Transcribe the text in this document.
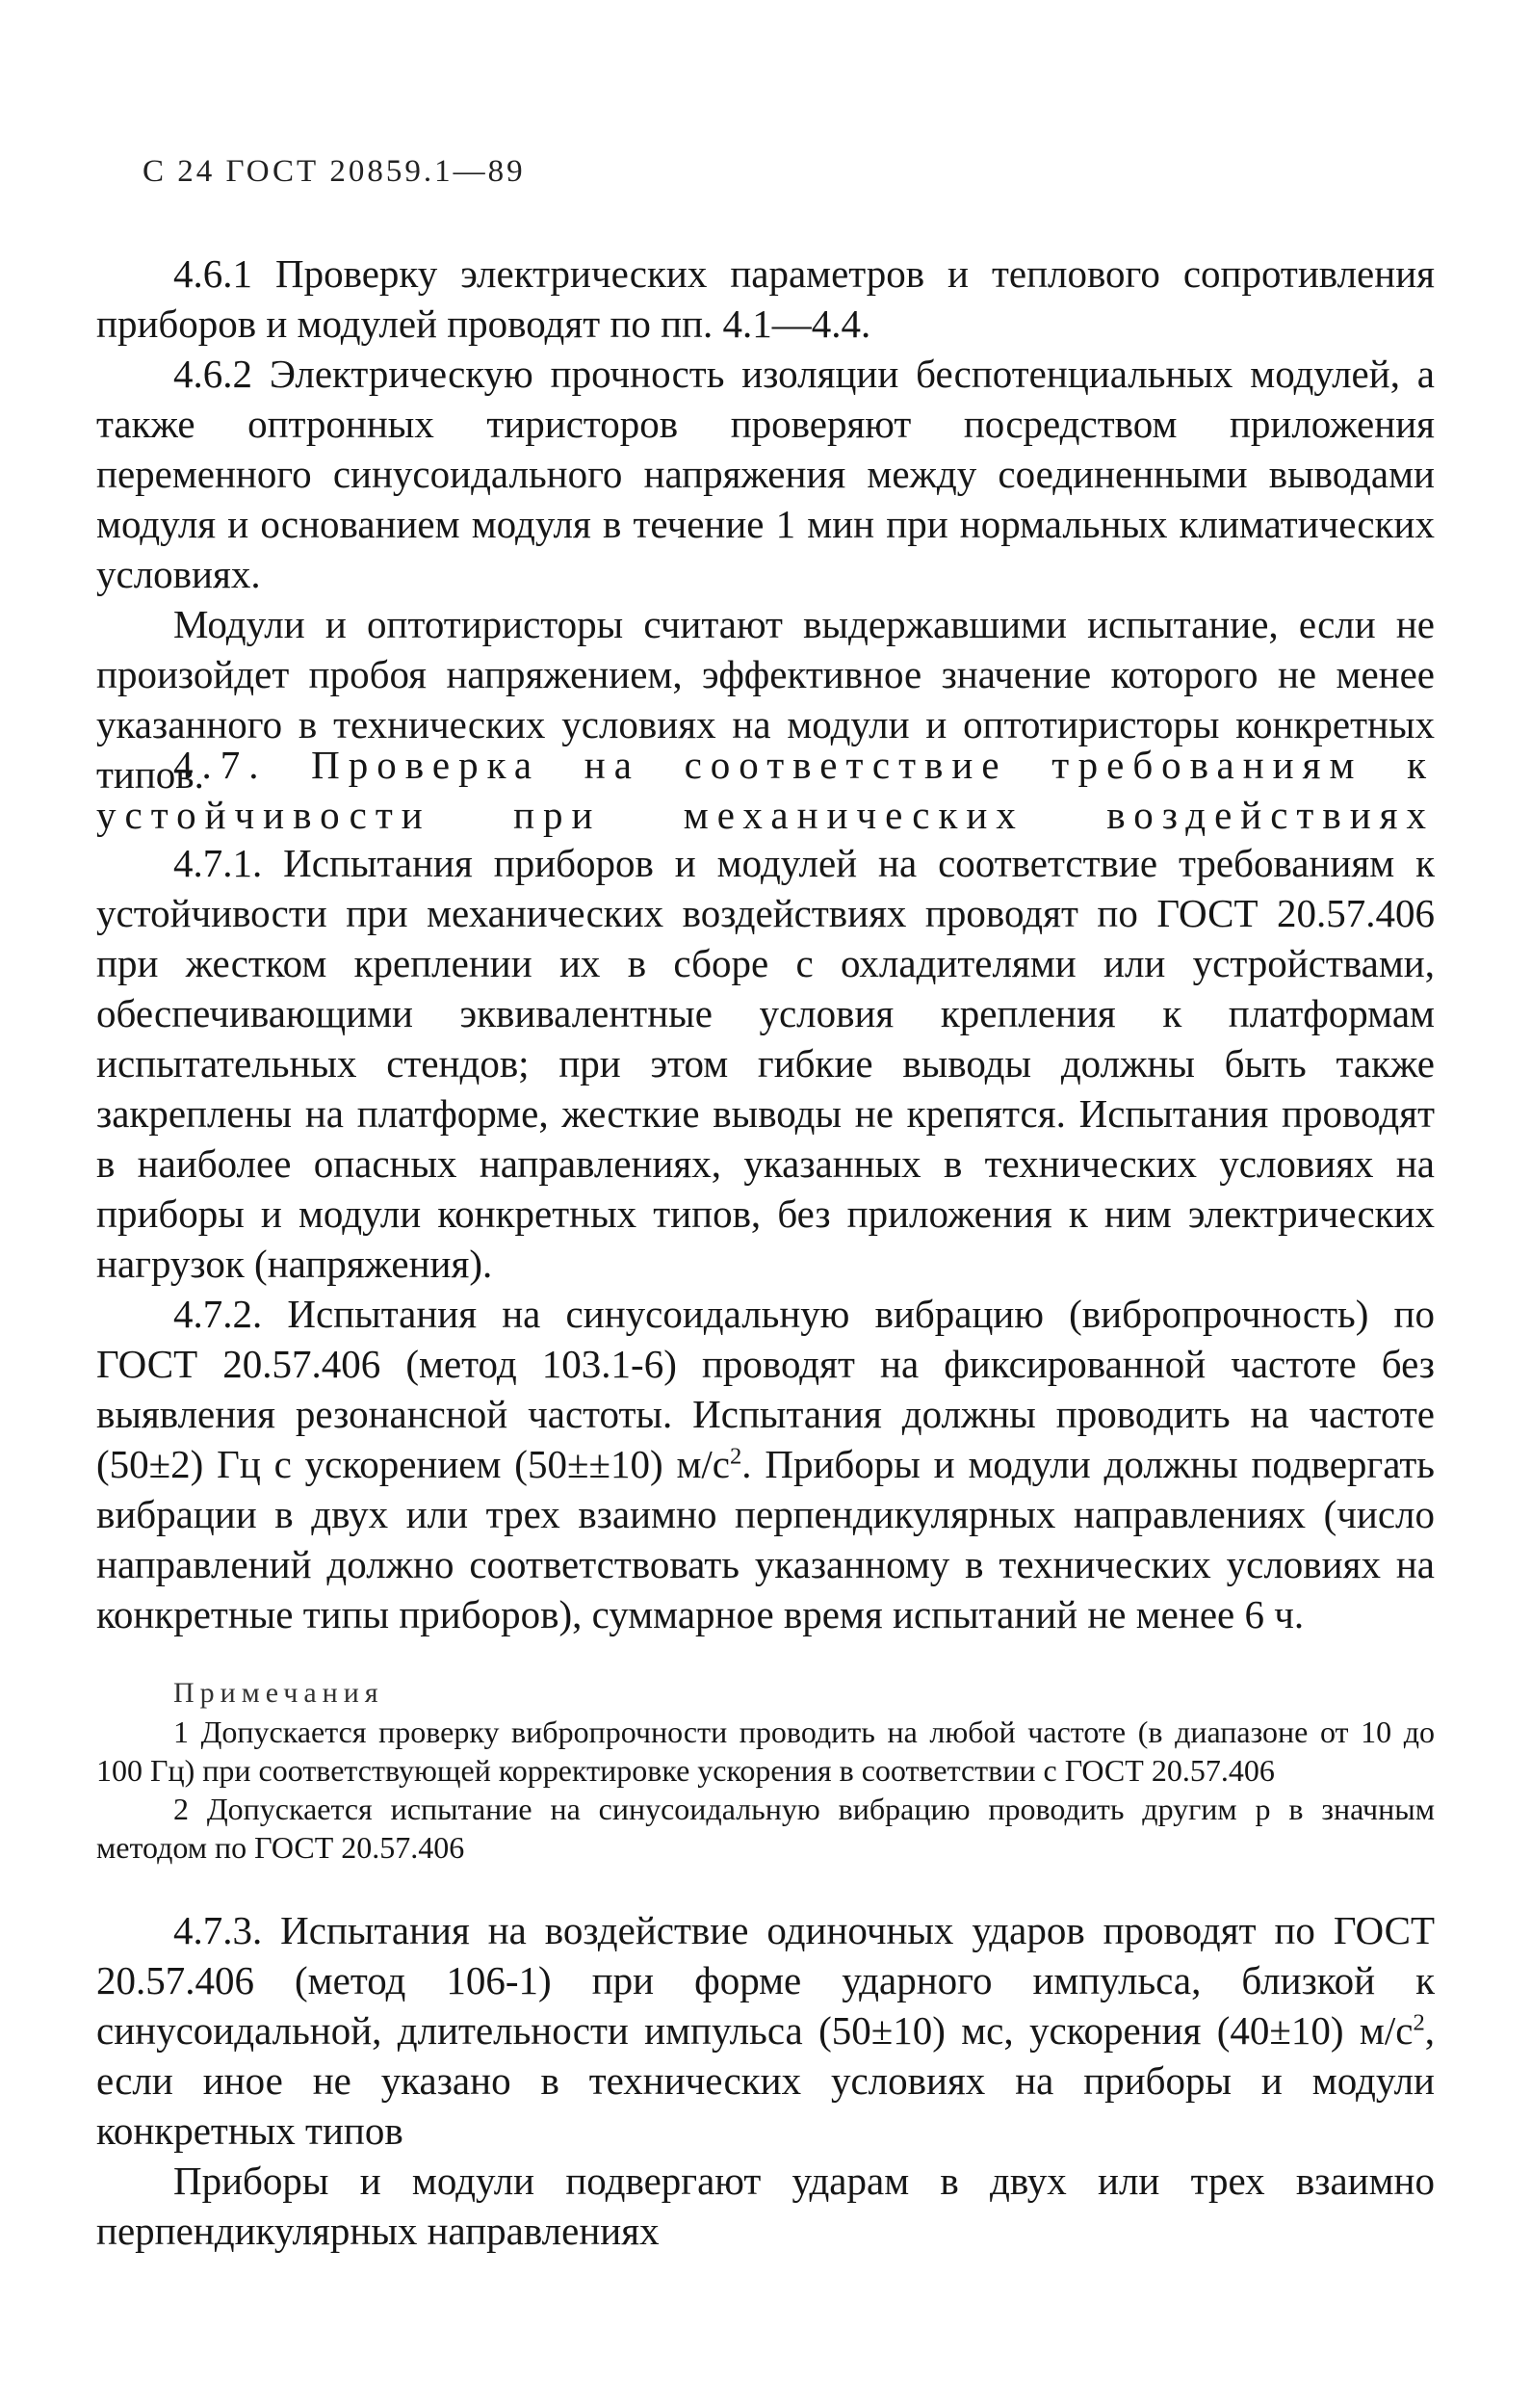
С 24 ГОСТ 20859.1—89

4.6.1 Проверку электрических параметров и теплового сопротивления приборов и модулей проводят по пп. 4.1—4.4.

4.6.2 Электрическую прочность изоляции беспотенциальных модулей, а также оптронных тиристоров проверяют посредством приложения переменного синусоидального напряжения между соединенными выводами модуля и основанием модуля в течение 1 мин при нормальных климатических условиях.

Модули и оптотиристоры считают выдержавшими испытание, если не произойдет пробоя напряжением, эффективное значение которого не менее указанного в технических условиях на модули и оптотиристоры конкретных типов.

4.7. Проверка на соответствие требованиям к
устойчивости при механических воздействиях

4.7.1. Испытания приборов и модулей на соответствие требованиям к устойчивости при механических воздействиях проводят по ГОСТ 20.57.406 при жестком креплении их в сборе с охладителями или устройствами, обеспечивающими эквивалентные условия крепления к платформам испытательных стендов; при этом гибкие выводы должны быть также закреплены на платформе, жесткие выводы не крепятся. Испытания проводят в наиболее опасных направлениях, указанных в технических условиях на приборы и модули конкретных типов, без приложения к ним электрических нагрузок (напряжения).

4.7.2. Испытания на синусоидальную вибрацию (вибропрочность) по ГОСТ 20.57.406 (метод 103.1-6) проводят на фиксированной частоте без выявления резонансной частоты. Испытания должны проводить на частоте (50±2) Гц с ускорением (50±±10) $м/с^2$. Приборы и модули должны подвергать вибрации в двух или трех взаимно перпендикулярных направлениях (число направлений должно соответствовать указанному в технических условиях на конкретные типы приборов), суммарное время испытаний не менее 6 ч.

Примечания

1 Допускается проверку вибропрочности проводить на любой частоте (в диапазоне от 10 до 100 Гц) при соответствующей корректировке ускорения в соответствии с ГОСТ 20.57.406

2 Допускается испытание на синусоидальную вибрацию проводить другим р в значным методом по ГОСТ 20.57.406

4.7.3. Испытания на воздействие одиночных ударов проводят по ГОСТ 20.57.406 (метод 106-1) при форме ударного импульса, близкой к синусоидальной, длительности импульса (50±10) мс, ускорения (40±10) $м/с^2$, если иное не указано в технических условиях на приборы и модули конкретных типов

Приборы и модули подвергают ударам в двух или трех взаимно перпендикулярных направлениях
